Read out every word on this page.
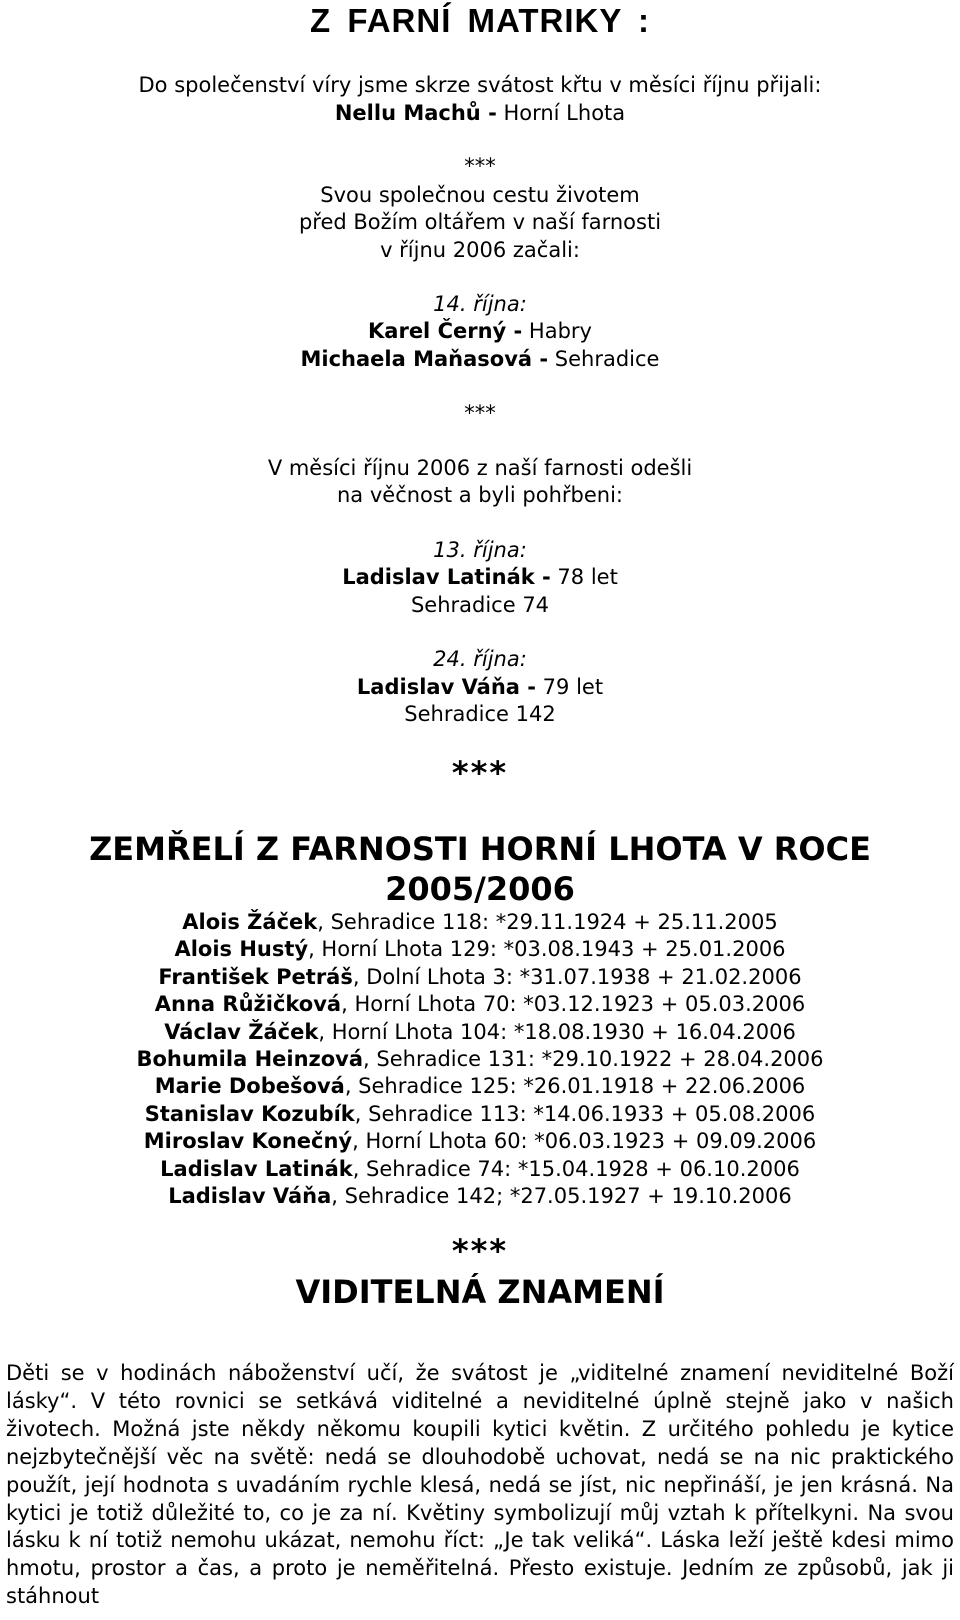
Z FARNÍ MATRIKY :
Do společenství víry jsme skrze svátost křtu v měsíci říjnu přijali:
Nellu Machů - Horní Lhota
***
Svou společnou cestu životem
před Božím oltářem v naší farnosti
v říjnu 2006 začali:
14. října:
Karel Černý - Habry
Michaela Maňasová - Sehradice
***
V měsíci říjnu 2006 z naší farnosti odešli
na věčnost a byli pohřbeni:
13. října:
Ladislav Latinák - 78 let
Sehradice 74
24. října:
Ladislav Váňa - 79 let
Sehradice 142
***
ZEMŘELÍ Z FARNOSTI HORNÍ LHOTA V ROCE
2005/2006
Alois Žáček, Sehradice 118: *29.11.1924 + 25.11.2005
Alois Hustý, Horní Lhota 129: *03.08.1943 + 25.01.2006
František Petráš, Dolní Lhota 3: *31.07.1938 + 21.02.2006
Anna Růžičková, Horní Lhota 70: *03.12.1923 + 05.03.2006
Václav Žáček, Horní Lhota 104: *18.08.1930 + 16.04.2006
Bohumila Heinzová, Sehradice 131: *29.10.1922 + 28.04.2006
Marie Dobešová, Sehradice 125: *26.01.1918 + 22.06.2006
Stanislav Kozubík, Sehradice 113: *14.06.1933 + 05.08.2006
Miroslav Konečný, Horní Lhota 60: *06.03.1923 + 09.09.2006
Ladislav Latinák, Sehradice 74: *15.04.1928 + 06.10.2006
Ladislav Váňa, Sehradice 142; *27.05.1927 + 19.10.2006
***
VIDITELNÁ ZNAMENÍ

Děti se v hodinách náboženství učí, že svátost je „viditelné znamení neviditelné Boží lásky“. V této rovnici se setkává viditelné a neviditelné úplně stejně jako v našich životech. Možná jste někdy někomu koupili kytici květin. Z určitého pohledu je kytice nejzbytečnější věc na světě: nedá se dlouhodobě uchovat, nedá se na nic praktického použít, její hodnota s uvadáním rychle klesá, nedá se jíst, nic nepřináší, je jen krásná. Na kytici je totiž důležité to, co je za ní. Květiny symbolizují můj vztah k přítelkyni. Na svou lásku k ní totiž nemohu ukázat, nemohu říct: „Je tak veliká“. Láska leží ještě kdesi mimo hmotu, prostor a čas, a proto je neměřitelná. Přesto existuje. Jedním ze způsobů, jak ji stáhnout
